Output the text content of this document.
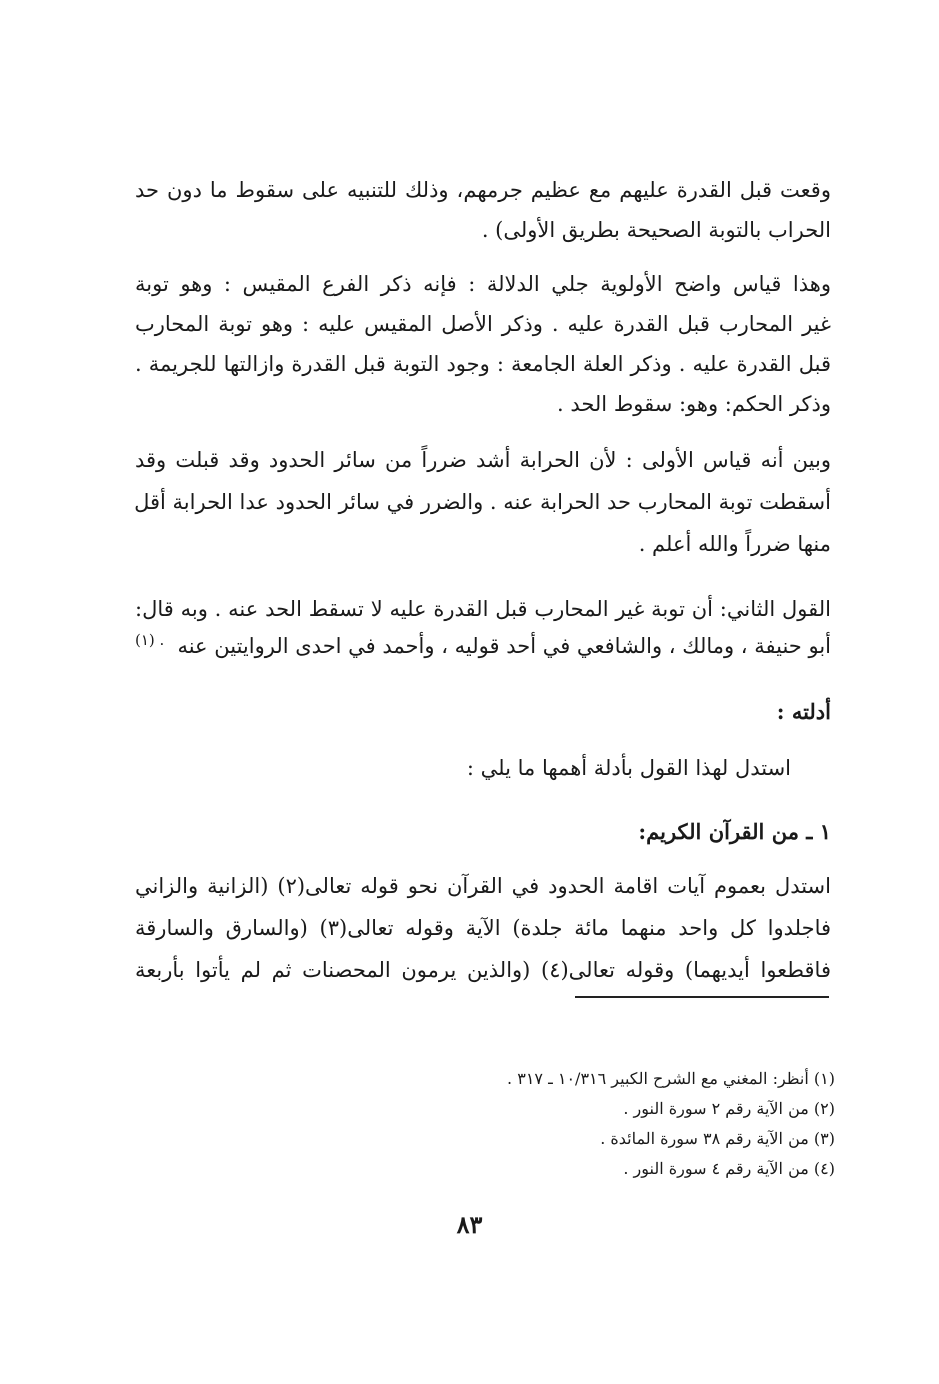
وقعت قبل القدرة عليهم مع عظيم جرمهم، وذلك للتنبيه على سقوط ما دون حد
الحراب بالتوبة الصحيحة بطريق الأولى) .
وهذا قياس واضح الأولوية جلي الدلالة : فإنه ذكر الفرع المقيس : وهو توبة
غير المحارب قبل القدرة عليه . وذكر الأصل المقيس عليه : وهو توبة المحارب
قبل القدرة عليه . وذكر العلة الجامعة : وجود التوبة قبل القدرة وازالتها للجريمة .
وذكر الحكم: وهو: سقوط الحد .
وبين أنه قياس الأولى : لأن الحرابة أشد ضرراً من سائر الحدود وقد قبلت وقد
أسقطت توبة المحارب حد الحرابة عنه . والضرر في سائر الحدود عدا الحرابة أقل
منها ضرراً والله أعلم .
القول الثاني: أن توبة غير المحارب قبل القدرة عليه لا تسقط الحد عنه . وبه قال:
أبو حنيفة ، ومالك ، والشافعي في أحد قوليه ، وأحمد في احدى الروايتين عنه
(١) .
أدلته :
استدل لهذا القول بأدلة أهمها ما يلي :
١ ـ من القرآن الكريم:
استدل بعموم آيات اقامة الحدود في القرآن نحو قوله تعالى(٢) (الزانية والزاني
فاجلدوا كل واحد منهما مائة جلدة) الآية وقوله تعالى(٣) (والسارق والسارقة
فاقطعوا أيديهما) وقوله تعالى(٤) (والذين يرمون المحصنات ثم لم يأتوا بأربعة
(١) أنظر: المغني مع الشرح الكبير ١٠/٣١٦ ـ ٣١٧ .
(٢) من الآية رقم ٢ سورة النور .
(٣) من الآية رقم ٣٨ سورة المائدة .
(٤) من الآية رقم ٤ سورة النور .
٨٣
